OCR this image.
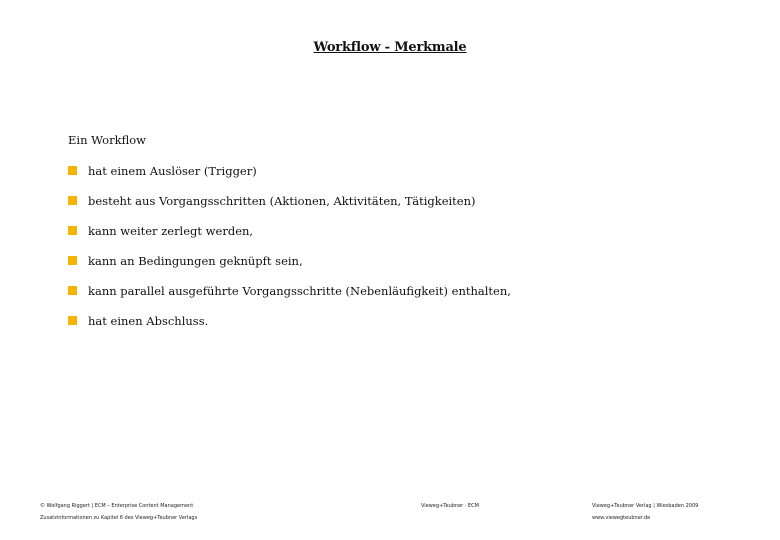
Workflow - Merkmale
Ein Workflow
hat einem Auslöser (Trigger)
besteht aus Vorgangsschritten (Aktionen, Aktivitäten, Tätigkeiten)
kann weiter zerlegt werden,
kann an Bedingungen geknüpft sein,
kann parallel ausgeführte Vorgangsschritte (Nebenläufigkeit) enthalten,
hat einen Abschluss.
© Wolfgang Riggert | ECM – Enterprise Content Management
Zusatzinformationen zu Kapitel 6 des Vieweg+Teubner Verlags
Vieweg+Teubner · ECM	Vieweg+Teubner Verlag | Wiesbaden 2009
www.viewegteubner.de
